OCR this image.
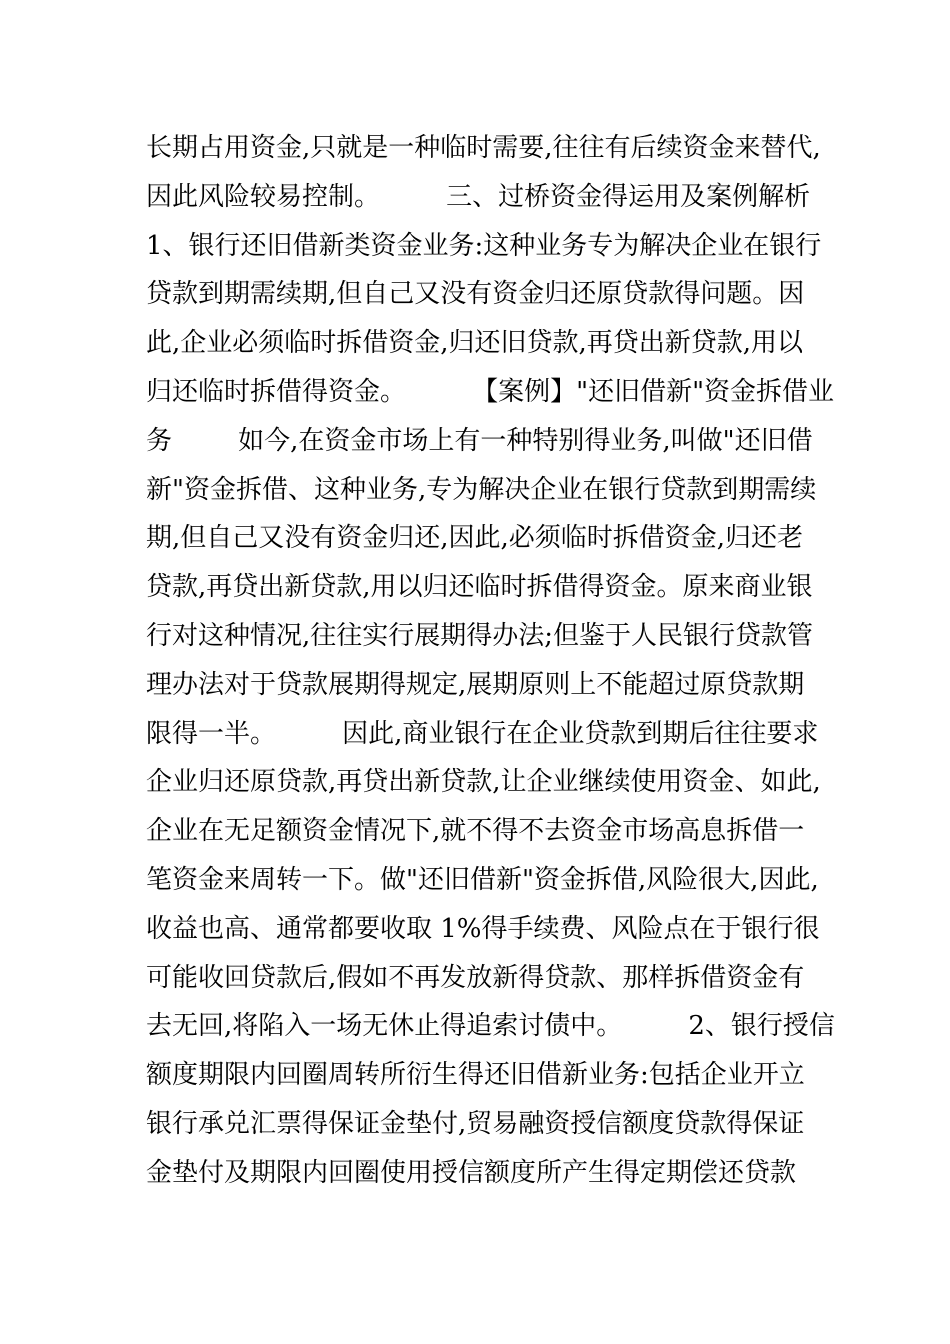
长期占用资金,只就是一种临时需要,往往有后续资金来替代,
因此风险较易控制。        三、过桥资金得运用及案例解析
1、银行还旧借新类资金业务:这种业务专为解决企业在银行
贷款到期需续期,但自己又没有资金归还原贷款得问题。因
此,企业必须临时拆借资金,归还旧贷款,再贷出新贷款,用以
归还临时拆借得资金。        【案例】"还旧借新"资金拆借业
务        如今,在资金市场上有一种特别得业务,叫做"还旧借
新"资金拆借、这种业务,专为解决企业在银行贷款到期需续
期,但自己又没有资金归还,因此,必须临时拆借资金,归还老
贷款,再贷出新贷款,用以归还临时拆借得资金。原来商业银
行对这种情况,往往实行展期得办法;但鉴于人民银行贷款管
理办法对于贷款展期得规定,展期原则上不能超过原贷款期
限得一半。        因此,商业银行在企业贷款到期后往往要求
企业归还原贷款,再贷出新贷款,让企业继续使用资金、如此,
企业在无足额资金情况下,就不得不去资金市场高息拆借一
笔资金来周转一下。做"还旧借新"资金拆借,风险很大,因此,
收益也高、通常都要收取 1%得手续费、风险点在于银行很
可能收回贷款后,假如不再发放新得贷款、那样拆借资金有
去无回,将陷入一场无休止得追索讨债中。        2、银行授信
额度期限内回圈周转所衍生得还旧借新业务:包括企业开立
银行承兑汇票得保证金垫付,贸易融资授信额度贷款得保证
金垫付及期限内回圈使用授信额度所产生得定期偿还贷款
